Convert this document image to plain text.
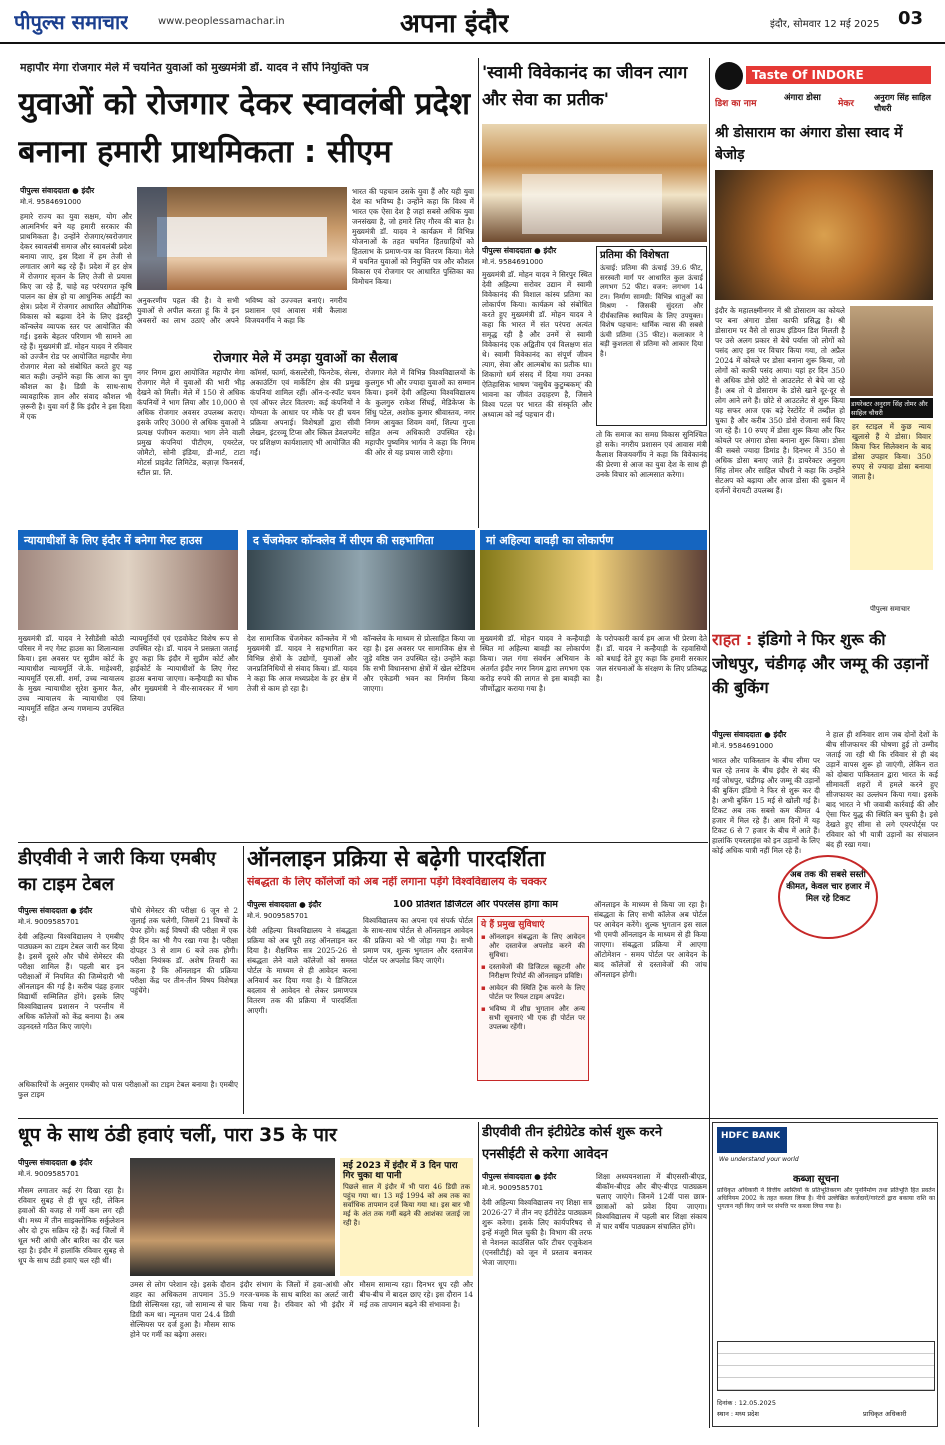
पीपुल्स समाचार	www.peoplessamachar.in	अपना इंदौर	इंदौर, सोमवार 12 मई 2025 03
महापौर मेगा रोजगार मेले में चयनित युवाओं को मुख्यमंत्री डॉ. यादव ने सौंपे नियुक्ति पत्र
युवाओं को रोजगार देकर स्वावलंबी प्रदेश बनाना हमारी प्राथमिकता : सीएम
पीपुल्स संवाददाता ● इंदौर
मो.नं. 9584691000
हमारे राज्य का युवा सक्षम, योग और आत्मनिर्भर बने यह हमारी सरकार की प्राथमिकता है। उन्होंने रोजगार/स्वरोजगार देकर स्वावलंबी समाज और स्वावलंबी प्रदेश बनाया जाए, इस दिशा में हम तेजी से लगातार आगे बढ़ रहे हैं। प्रदेश में हर क्षेत्र में रोजगार सृजन के लिए तेजी से प्रयास किए जा रहे हैं, चाहे वह परंपरागत कृषि पालन का क्षेत्र हो या आधुनिक आईटी का क्षेत्र। प्रदेश में रोजगार आधारित औद्योगिक विकास को बढ़ावा देने के लिए इंडस्ट्री कॉन्क्लेव व्यापक स्तर पर आयोजित की गई। इसके बेहतर परिणाम भी सामने आ रहे हैं। मुख्यमंत्री डॉ. मोहन यादव ने रविवार को उज्जैन रोड पर आयोजित महापौर मेगा रोजगार मेला को संबोधित करते हुए यह बात कही। उन्होंने कहा कि आज का युग कौशल का है। डिग्री के साथ-साथ व्यावहारिक ज्ञान और संवाद कौशल भी ज़रूरी है। युवा वर्ग हैं कि इंदौर ने इस दिशा में एक
अनुकरणीय पहल की है। वे सभी युवाओं से अपील करता हूं कि वे इन अवसरों का लाभ उठाएं और अपने भविष्य को उज्ज्वल बनाएं। नगरीय प्रशासन एवं आवास मंत्री कैलाश विजयवर्गीय ने कहा कि
भारत की पहचान उसके युवा हैं और यही युवा देश का भविष्य है। उन्होंने कहा कि विश्व में भारत एक ऐसा देश है जहां सबसे अधिक युवा जनसंख्या है, जो हमारे लिए गौरव की बात है। मुख्यमंत्री डॉ. यादव ने कार्यक्रम में विभिन्न योजनाओं के तहत चयनित हितग्राहियों को हितलाभ के प्रमाण-पत्र का वितरण किया। मेले में चयनित युवाओं को नियुक्ति पत्र और कौशल विकास एवं रोजगार पर आधारित पुस्तिका का विमोचन किया।
रोजगार मेले में उमड़ा युवाओं का सैलाब
नगर निगम द्वारा आयोजित महापौर मेगा रोजगार मेले में युवाओं की भारी भीड़ देखने को मिली। मेले में 150 से अधिक कंपनियों ने भाग लिया और 10,000 से अधिक रोजगार अवसर उपलब्ध कराए। इसके जरिए 3000 से अधिक युवाओं ने प्रत्यक्ष पंजीयन कराया। भाग लेने वाली प्रमुख कंपनियां पीटीएम, एयरटेल, जोमैटो, सोनी इंडिया, डी-मार्ट, टाटा मोटर्स प्राइवेट लिमिटेड, बज़ाज़ फिनसर्व, स्टील प्रा. लि.
कॉमर्स, फार्मा, कंसल्टेंसी, फिनटेक, सेल्स, अकाउंटिंग एवं मार्केटिंग क्षेत्र की प्रमुख कंपनियां शामिल रहीं। ऑन-द-स्पॉट चयन एवं ऑफर लेटर वितरण: कई कंपनियों ने योग्यता के आधार पर मौके पर ही चयन प्रक्रिया अपनाई। विशेषज्ञों द्वारा सीवी लेखन, इंटरव्यू टिप्स और स्किल डेवलपमेंट पर प्रशिक्षण कार्यशालाएं भी आयोजित की गईं।
रोजगार मेले में विभिन्न विश्वविद्यालयों के कुलगुरु भी और ज्यादा युवाओं का सम्मान किया। इनमें देवी अहिल्या विश्वविद्यालय के कुलगुरु राकेश सिंघई, मेडिकेप्स के सिंधु पटेल, अशोक कुमार श्रीवास्तव, नगर निगम आयुक्त शिवम वर्मा, शिल्पा गुप्ता सहित अन्य अधिकारी उपस्थित रहे। महापौर पुष्यमित्र भार्गव ने कहा कि निगम की ओर से यह प्रयास जारी रहेगा।
'स्वामी विवेकानंद का जीवन त्याग और सेवा का प्रतीक'
पीपुल्स संवाददाता ● इंदौर
मो.नं. 9584691000
मुख्यमंत्री डॉ. मोहन यादव ने सिरपुर स्थित देवी अहिल्या सरोवर उद्यान में स्वामी विवेकानंद की विशाल कांस्य प्रतिमा का लोकार्पण किया। कार्यक्रम को संबोधित करते हुए मुख्यमंत्री डॉ. मोहन यादव ने कहा कि भारत में संत परंपरा अत्यंत समृद्ध रही है और उनमें से स्वामी विवेकानंद एक अद्वितीय एवं विलक्षण संत थे। स्वामी विवेकानंद का संपूर्ण जीवन त्याग, सेवा और आत्मबोध का प्रतीक था। शिकागो धर्म संसद में दिया गया उनका ऐतिहासिक भाषण 'वसुधैव कुटुम्बकम्' की भावना का जीवंत उदाहरण है, जिसने विश्व पटल पर भारत की संस्कृति और अध्यात्म को नई पहचान दी।
प्रतिमा की विशेषता
ऊंचाई: प्रतिमा की ऊंचाई 39.6 फीट, सरस्वती मार्ग पर आधारित कुल ऊंचाई लगभग 52 फीट। वजन: लगभग 14 टन। निर्माण सामग्री: विभिन्न धातुओं का मिश्रण - जिसकी सुंदरता और दीर्घकालिक स्थायित्व के लिए उपयुक्त। विशेष पहचान: धार्मिक न्यास की सबसे ऊंची प्रतिमा (35 फीट)। कलाकार ने बड़ी कुशलता से प्रतिमा को आकार दिया है।
तो कि समाज का समग्र विकास सुनिश्चित हो सके। नगरीय प्रशासन एवं आवास मंत्री कैलाश विजयवर्गीय ने कहा कि विवेकानंद की प्रेरणा से आज का युवा देश के साथ ही उनके विचार को आत्मसात करेगा।
Taste Of INDORE
डिश का नाम
अंगारा डोसा
मेकर
अनुराग सिंह साहिल चौधरी
श्री डोसाराम का अंगारा डोसा स्वाद में बेजोड़
इंदौर के महालक्ष्मीनगर में श्री डोसाराम का कोयले पर बना अंगारा डोसा काफी प्रसिद्ध है। श्री डोसाराम पर वैसे तो साउथ इंडियन डिश मिलती है पर उसे अलग प्रकार से बेचे पर्यास जो लोगों को पसंद आए इस पर विचार किया गया, तो अप्रैल 2024 में कोयले पर डोसा बनाना शुरू किया, जो लोगों को काफी पसंद आया। यहां हर दिन 350 से अधिक डोसे छोटे से आउटलेट से बेचे जा रहे हैं। अब तो ये डोसाराम के डोसे खाने दूर-दूर से लोग आने लगे हैं। छोटे से आउटलेट से शुरू किया यह सफर आज एक बड़े रेस्टोरेंट में तब्दील हो चुका है और करीब 350 डोसे रोजाना सर्व किए जा रहे हैं। 10 रुपए में डोसा शुरू किया और फिर कोयले पर अंगारा डोसा बनाना शुरू किया। डोसा की सबसे ज्यादा डिमांड है। दिनभर में 350 से अधिक डोसा बनाए जाते हैं। डायरेक्टर अनुराग सिंह तोमर और साहिल चौधरी ने कहा कि उन्होंने सेटअप को बढ़ाया और आज डोसा की दुकान में दर्जनों वेरायटी उपलब्ध हैं।
डायरेक्टर अनुराग सिंह तोमर और साहिल चौधरी
हर स्टाइल में कुछ न्याय खुलासे हैं ये डोसा। विवार किया फिर सिलेक्शन के बाद डोसा उपहार किया। 350 रुपए से ज्यादा डोसा बनाया जाता है।
पीपुल्स समाचार
न्यायाधीशों के लिए इंदौर में बनेगा गेस्ट हाउस	द चेंजमेकर कॉन्क्लेव में सीएम की सहभागिता	मां अहिल्या बावड़ी का लोकार्पण
मुख्यमंत्री डॉ. यादव ने रेसीडेंसी कोठी परिसर में नए गेस्ट हाउस का शिलान्यास किया। इस अवसर पर सुप्रीम कोर्ट के न्यायाधीश न्यायमूर्ति जे.के. माहेश्वरी, न्यायमूर्ति एस.सी. शर्मा, उच्च न्यायालय के मुख्य न्यायाधीश सुरेश कुमार कैत, उच्च न्यायालय के न्यायाधीश एवं न्यायमूर्ति सहित अन्य गणमान्य उपस्थित रहे।
न्यायमूर्तियों एवं एडवोकेट विशेष रूप से उपस्थित रहे। डॉ. यादव ने प्रसन्नता जताई हुए कहा कि इंदौर में सुप्रीम कोर्ट और हाईकोर्ट के न्यायाधीशों के लिए गेस्ट हाउस बनाया जाएगा। कन्हैयाड़ी का चौक और मुख्यमंत्री ने वीर-सावरकर में भाग लिया।
देश सामाजिक चेंजमेकर कॉन्क्लेव में भी मुख्यमंत्री डॉ. यादव ने सहभागिता कर विभिन्न क्षेत्रों के उद्योगों, युवाओं और जनप्रतिनिधियों से संवाद किया। डॉ. यादव ने कहा कि आज मध्यप्रदेश के हर क्षेत्र में तेजी से काम हो रहा है।
कॉन्क्लेव के माध्यम से प्रोत्साहित किया जा रहा है। इस अवसर पर सामाजिक क्षेत्र से जुड़े वरिष्ठ जन उपस्थित रहे। उन्होंने कहा कि सभी विधानसभा क्षेत्रों में खेल स्टेडियम और एकेडमी भवन का निर्माण किया जाएगा।
मुख्यमंत्री डॉ. मोहन यादव ने कन्हैयाड़ी स्थित मां अहिल्या बावड़ी का लोकार्पण किया। जल गंगा संवर्धन अभियान के अंतर्गत इंदौर नगर निगम द्वारा लगभग एक करोड़ रुपये की लागत से इस बावड़ी का जीर्णोद्धार कराया गया है।
के परोपकारी कार्य हम आज भी प्रेरणा देते हैं। डॉ. यादव ने कन्हैयाड़ी के रहवासियों को बधाई देते हुए कहा कि हमारी सरकार जल संरचनाओं के संरक्षण के लिए प्रतिबद्ध है।
राहत : इंडिगो ने फिर शुरू की जोधपुर, चंडीगढ़ और जम्मू की उड़ानों की बुकिंग
पीपुल्स संवाददाता ● इंदौर
मो.नं. 9584691000
भारत और पाकिस्तान के बीच सीमा पर चल रहे तनाव के बीच इंदौर से बंद की गई जोधपुर, चंडीगढ़ और जम्मू की उड़ानों की बुकिंग इंडिगो ने फिर से शुरू कर दी है। अभी बुकिंग 15 मई से खोली गई है। टिकट अब तक सबसे कम कीमत 4 हजार में मिल रहे हैं। आम दिनों में यह टिकट 6 से 7 हजार के बीच में आते हैं। हालांकि एयरलाइंस को इन उड़ानों के लिए कोई अधिक यात्री नहीं मिल रहे हैं।
ने हाल ही शनिवार शाम जब दोनों देशों के बीच सीजफायर की घोषणा हुई तो उम्मीद जताई जा रही थी कि रविवार से ही बंद उड़ानें वापस शुरू हो जाएंगी, लेकिन रात को दोबारा पाकिस्तान द्वारा भारत के कई सीमावर्ती शहरों में हमले करने हुए सीजफायर का उल्लंघन किया गया। इसके बाद भारत ने भी जवाबी कार्रवाई की और ऐसा फिर युद्ध की स्थिति बन चुकी है। इसे देखते हुए सीमा से लगे एयरपोर्ट्स पर रविवार को भी यात्री उड़ानों का संचालन बंद ही रखा गया।
अब तक की सबसे सस्ती कीमत, केवल चार हजार में मिल रहे टिकट
डीएवीवी ने जारी किया एमबीए का टाइम टेबल
पीपुल्स संवाददाता ● इंदौर
मो.नं. 9009585701
देवी अहिल्या विश्वविद्यालय ने एमबीए पाठ्यक्रम का टाइम टेबल जारी कर दिया है। इसमें दूसरे और चौथे सेमेस्टर की परीक्षा शामिल हैं। पहली बार इन परीक्षाओं में नियमित की जिम्मेदारी भी ऑनलाइन की गई है। करीब पंद्रह हजार विद्यार्थी सम्मिलित होंगे। इसके लिए विश्वविद्यालय प्रशासन ने परन्तीय में अधिक कॉलेजों को केंद्र बनाया है। अब उड़नदस्ते गठित किए जाएंगे।
चौथे सेमेस्टर की परीक्षा 6 जून से 2 जुलाई तक चलेगी, जिसमें 21 विषयों के पेपर होंगे। कई विषयों की परीक्षा में एक ही दिन का भी गैप रखा गया है। परीक्षा दोपहर 3 से शाम 6 बजे तक होगी। परीक्षा नियंत्रक डॉ. अशेष तिवारी का कहना है कि ऑनलाइन की प्रक्रिया परीक्षा केंद्र पर तीन-तीन विषय विशेषज्ञ पहुंचेंगे।
अधिकारियों के अनुसार एमबीए को पास परीक्षाओं का टाइम टेबल बनाया है। एमबीए फुल टाइम
ऑनलाइन प्रक्रिया से बढ़ेगी पारदर्शिता
संबद्धता के लिए कॉलेजों को अब नहीं लगाना पड़ेंगे विश्वविद्यालय के चक्कर
पीपुल्स संवाददाता ● इंदौर
मो.नं. 9009585701
देवी अहिल्या विश्वविद्यालय ने संबद्धता प्रक्रिया को अब पूरी तरह ऑनलाइन कर दिया है। शैक्षणिक सत्र 2025-26 से संबद्धता लेने वाले कॉलेजों को समस्त पोर्टल के माध्यम से ही आवेदन करना अनिवार्य कर दिया गया है। ये डिजिटल बदलाव से आवेदन से लेकर प्रमाणपत्र वितरण तक की प्रक्रिया में पारदर्शिता आएगी।
100 प्रतिशत डिजिटल और पेपरलेस होगा काम
विश्वविद्यालय का अपना एवं संपर्क पोर्टल के साथ-साथ पोर्टल से ऑनलाइन आवेदन की प्रक्रिया को भी जोड़ा गया है। सभी प्रमाण पत्र, शुल्क भुगतान और दस्तावेज पोर्टल पर अपलोड किए जाएंगे।
ये हैं प्रमुख सुविधाएं
▪ ऑनलाइन संबद्धता के लिए आवेदन और दस्तावेज अपलोड करने की सुविधा।
▪ दस्तावेजों की डिजिटल स्क्रूटनी और निरीक्षण रिपोर्ट की ऑनलाइन प्रविष्टि।
▪ आवेदन की स्थिति ट्रैक करने के लिए पोर्टल पर रियल टाइम अपडेट।
▪ भविष्य में शीघ्र भुगतान और अन्य सभी सूचनाएं भी एक ही पोर्टल पर उपलब्ध रहेंगी।
ऑनलाइन के माध्यम से किया जा रहा है। संबद्धता के लिए सभी कॉलेज अब पोर्टल पर आवेदन करेंगे। शुल्क भुगतान इस साल भी एमपी ऑनलाइन के माध्यम से ही किया जाएगा। संबद्धता प्रक्रिया में आएगा ऑटोमेशन - समय पोर्टल पर आवेदन के बाद कॉलेजों से दस्तावेजों की जांच ऑनलाइन होगी।
धूप के साथ ठंडी हवाएं चलीं, पारा 35 के पार
पीपुल्स संवाददाता ● इंदौर
मो.नं. 9009585701
मौसम लगातार कई रंग दिखा रहा है। रविवार सुबह से ही धूप रही, लेकिन हवाओं की वजह से गर्मी कम लग रही थी। मध्य में तीन साइक्लोनिक सर्कुलेशन और दो ट्रफ सक्रिय रहे हैं। कई जिलों में धूल भरी आंधी और बारिश का दौर चल रहा है। इंदौर में हालांकि रविवार सुबह से धूप के साथ ठंडी हवाएं चल रही थीं।
उमस से लोग परेशान रहे। इसके दौरान शहर का अधिकतम तापमान 35.9 डिग्री सेल्सियस रहा, जो सामान्य से चार डिग्री कम था। न्यूनतम पारा 24.4 डिग्री सेल्सियस पर दर्ज हुआ है। मौसम साफ होने पर गर्मी का बढ़ेगा असर।
मई 2023 में इंदौर में 3 दिन पारा गिर चुका था पानी
पिछले साल में इंदौर में भी पारा 46 डिग्री तक पहुंच गया था। 13 मई 1994 को अब तक का सर्वाधिक तापमान दर्ज किया गया था। इस बार भी मई के अंत तक गर्मी बढ़ने की आशंका जताई जा रही है।
इंदौर संभाग के जिलों में हवा-आंधी और गरज-चमक के साथ बारिश का अलर्ट जारी किया गया है। रविवार को भी इंदौर में मौसम सामान्य रहा। दिनभर धूप रही और बीच-बीच में बादल छाए रहे। इस दौरान 14 मई तक तापमान बढ़ने की संभावना है।
डीएवीवी तीन इंटीग्रेटेड कोर्स शुरू करने एनसीईटी से करेगा आवेदन
पीपुल्स संवाददाता ● इंदौर
मो.नं. 9009585701
देवी अहिल्या विश्वविद्यालय नए शिक्षा सत्र 2026-27 में तीन नए इंटीग्रेटेड पाठ्यक्रम शुरू करेगा। इसके लिए कार्यपरिषद से इन्हें मंजूरी मिल चुकी है। विभाग की तरफ से नेशनल काउंसिल फॉर टीचर एजुकेशन (एनसीटीई) को जून में प्रस्ताव बनाकर भेजा जाएगा।
शिक्षा अध्ययनशाला में बीएससी-बीएड, बीकॉम-बीएड और बीए-बीएड पाठ्यक्रम चलाए जाएंगे। जिनमें 12वीं पास छात्र-छात्राओं को प्रवेश दिया जाएगा। विश्वविद्यालय में पहली बार शिक्षा संकाय में चार वर्षीय पाठ्यक्रम संचालित होंगे।
HDFC BANK
We understand your world
कब्जा सूचना
प्राधिकृत अधिकारी ने वित्तीय आस्तियों के प्रतिभूतिकरण और पुनर्निर्माण तथा प्रतिभूति हित प्रवर्तन अधिनियम 2002 के तहत कब्जा लिया है। नीचे उल्लेखित कर्जदारों/गारंटरों द्वारा बकाया राशि का भुगतान नहीं किए जाने पर संपत्ति पर कब्जा लिया गया है।
दिनांक : 12.05.2025
स्थान : मध्य प्रदेश	प्राधिकृत अधिकारी
